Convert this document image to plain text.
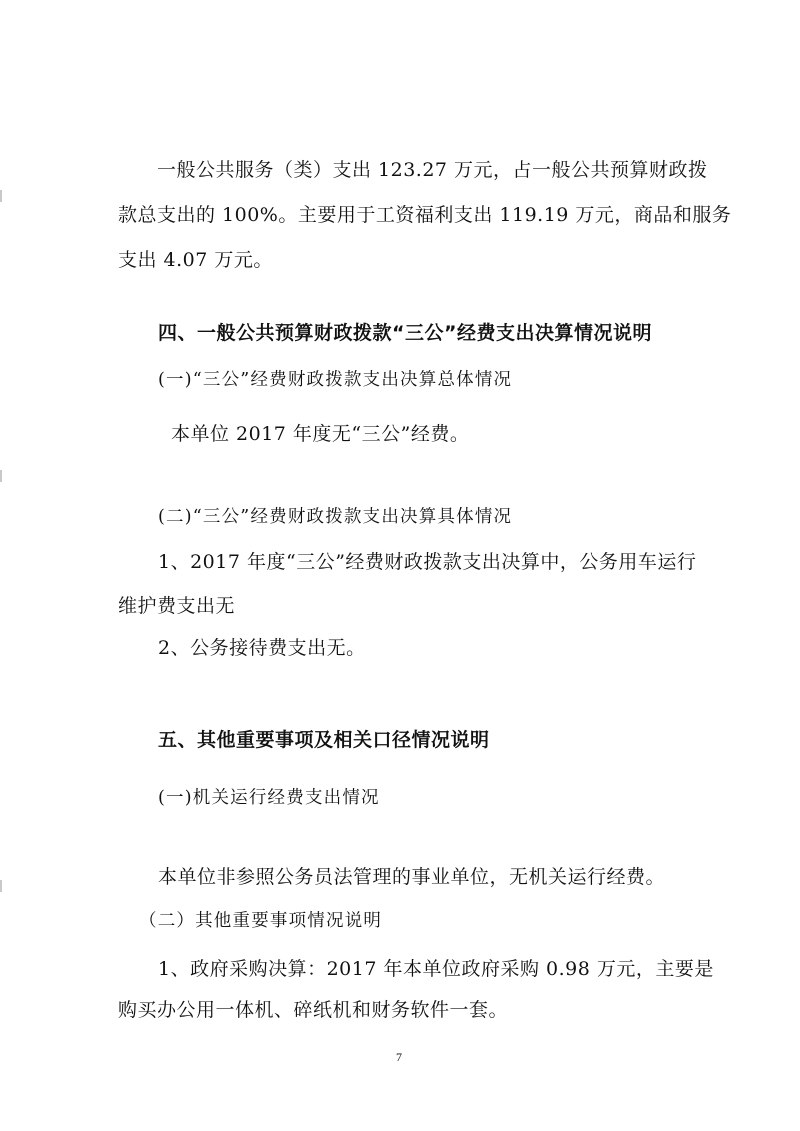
一般公共服务（类）支出 123.27 万元，占一般公共预算财政拨
款总支出的 100%。主要用于工资福利支出 119.19 万元，商品和服务
支出 4.07 万元。
四、一般公共预算财政拨款“三公”经费支出决算情况说明
(一)“三公”经费财政拨款支出决算总体情况
本单位 2017 年度无“三公”经费。
(二)“三公”经费财政拨款支出决算具体情况
1、2017 年度“三公”经费财政拨款支出决算中，公务用车运行
维护费支出无
2、公务接待费支出无。
五、其他重要事项及相关口径情况说明
(一)机关运行经费支出情况
本单位非参照公务员法管理的事业单位，无机关运行经费。
（二）其他重要事项情况说明
1、政府采购决算：2017 年本单位政府采购 0.98 万元，主要是
购买办公用一体机、碎纸机和财务软件一套。
7
